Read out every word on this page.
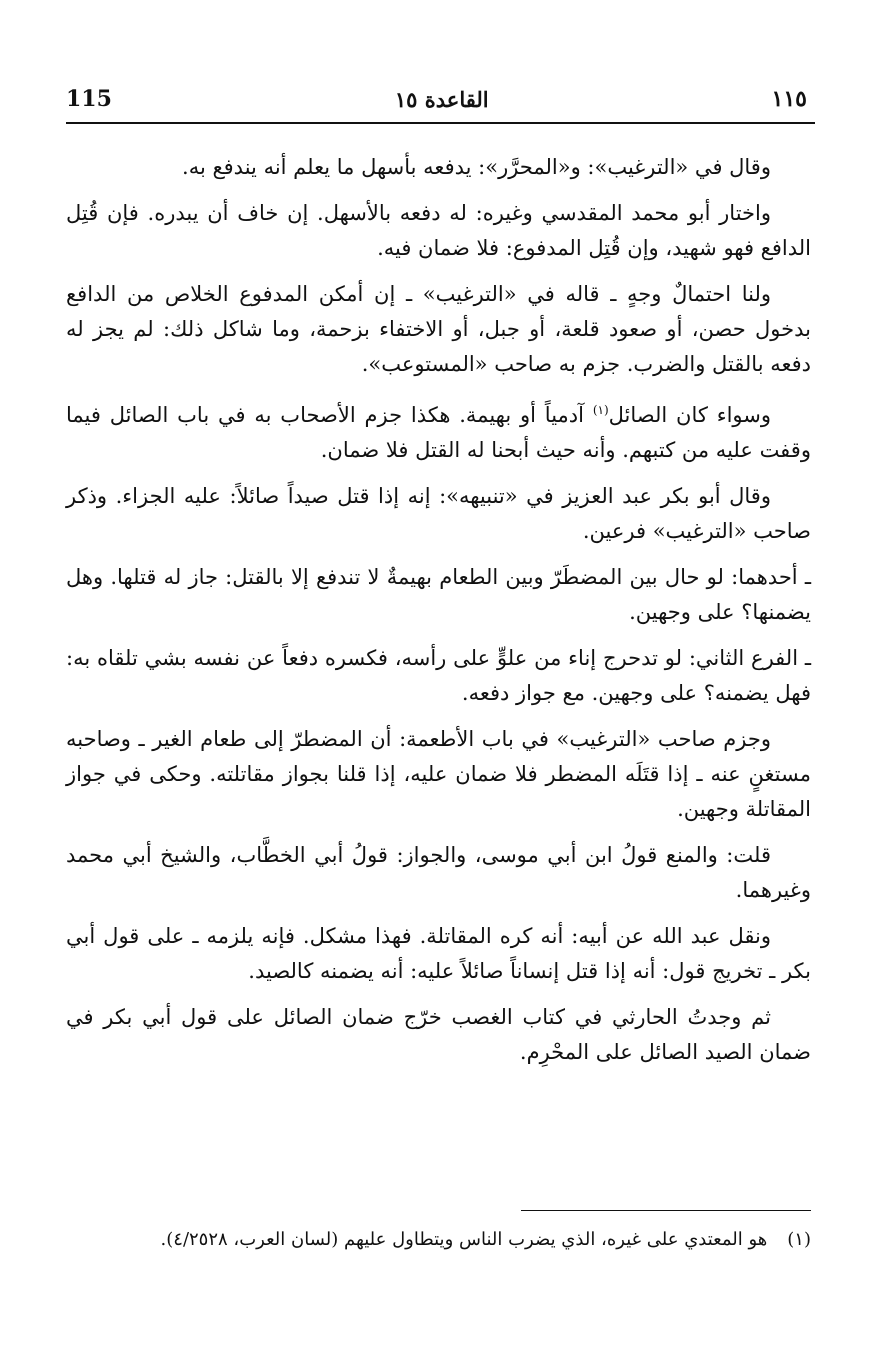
115	القاعدة ١٥	١١٥

وقال في «الترغيب»: و«المحرَّر»: يدفعه بأسهل ما يعلم أنه يندفع به.

واختار أبو محمد المقدسي وغيره: له دفعه بالأسهل. إن خاف أن يبدره. فإن قُتِل الدافع فهو شهيد، وإن قُتِل المدفوع: فلا ضمان فيه.

ولنا احتمالٌ وجهٍ ـ قاله في «الترغيب» ـ إن أمكن المدفوع الخلاص من الدافع بدخول حصن، أو صعود قلعة، أو جبل، أو الاختفاء بزحمة، وما شاكل ذلك: لم يجز له دفعه بالقتل والضرب. جزم به صاحب «المستوعب».

وسواء كان الصائل$^{(١)}$ آدمياً أو بهيمة. هكذا جزم الأصحاب به في باب الصائل فيما وقفت عليه من كتبهم. وأنه حيث أبحنا له القتل فلا ضمان.

وقال أبو بكر عبد العزيز في «تنبيهه»: إنه إذا قتل صيداً صائلاً: عليه الجزاء. وذكر صاحب «الترغيب» فرعين.

ـ أحدهما: لو حال بين المضطَرّ وبين الطعام بهيمةٌ لا تندفع إلا بالقتل: جاز له قتلها. وهل يضمنها؟ على وجهين.

ـ الفرع الثاني: لو تدحرج إناء من علوٍّ على رأسه، فكسره دفعاً عن نفسه بشي تلقاه به: فهل يضمنه؟ على وجهين. مع جواز دفعه.

وجزم صاحب «الترغيب» في باب الأطعمة: أن المضطرّ إلى طعام الغير ـ وصاحبه مستغنٍ عنه ـ إذا قتَلَه المضطر فلا ضمان عليه، إذا قلنا بجواز مقاتلته. وحكى في جواز المقاتلة وجهين.

قلت: والمنع قولُ ابن أبي موسى، والجواز: قولُ أبي الخطَّاب، والشيخ أبي محمد وغيرهما.

ونقل عبد الله عن أبيه: أنه كره المقاتلة. فهذا مشكل. فإنه يلزمه ـ على قول أبي بكر ـ تخريج قول: أنه إذا قتل إنساناً صائلاً عليه: أنه يضمنه كالصيد.

ثم وجدتُ الحارثي في كتاب الغصب خرّج ضمان الصائل على قول أبي بكر في ضمان الصيد الصائل على المحْرِم.

(١)هو المعتدي على غيره، الذي يضرب الناس ويتطاول عليهم (لسان العرب، ٤/٢٥٢٨).
